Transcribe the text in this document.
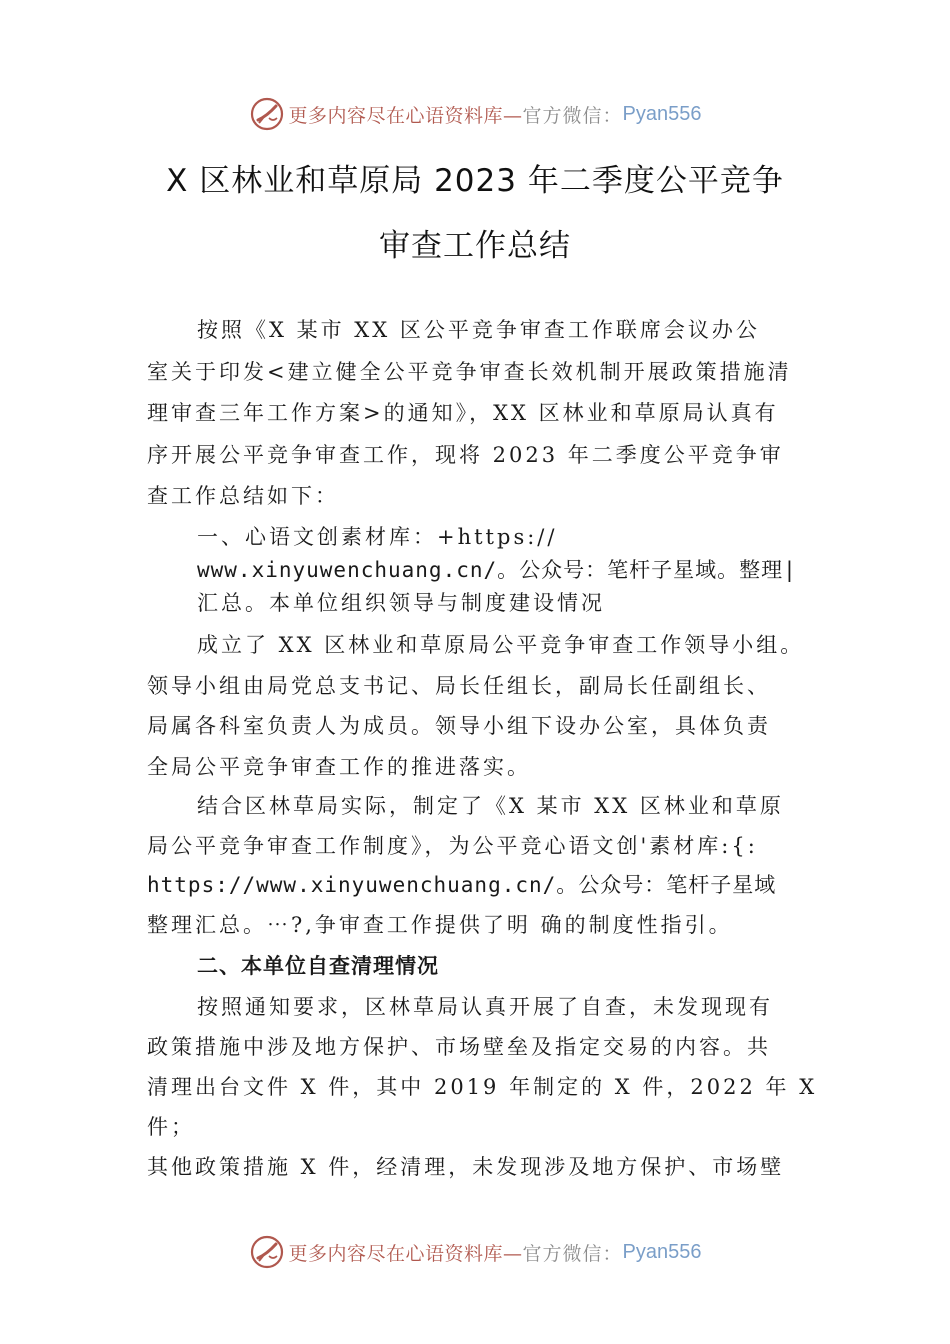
更多内容尽在心语资料库— 官方微信： Pyan556
X 区林业和草原局 2023 年二季度公平竞争
审查工作总结
按照《X 某市 XX 区公平竞争审查工作联席会议办公
室关于印发<建立健全公平竞争审查长效机制开展政策措施清
理审查三年工作方案>的通知》，XX 区林业和草原局认真有
序开展公平竞争审查工作，现将 2023 年二季度公平竞争审
查工作总结如下：
一、心语文创素材库：+https://
www.xinyuwenchuang.cn/。公众号：笔杆子星域。整理|
汇总。本单位组织领导与制度建设情况
成立了 XX 区林业和草原局公平竞争审查工作领导小组。
领导小组由局党总支书记、局长任组长，副局长任副组长、
局属各科室负责人为成员。领导小组下设办公室，具体负责
全局公平竞争审查工作的推进落实。
结合区林草局实际，制定了《X 某市 XX 区林业和草原
局公平竞争审查工作制度》，为公平竞心语文创'素材库:{:
https://www.xinyuwenchuang.cn/。公众号：笔杆子星域
整理汇总。⋯?,争审查工作提供了明 确的制度性指引。
二、本单位自查清理情况
按照通知要求，区林草局认真开展了自查，未发现现有
政策措施中涉及地方保护、市场壁垒及指定交易的内容。共
清理出台文件 X 件，其中 2019 年制定的 X 件，2022 年 X
件；
其他政策措施 X 件，经清理，未发现涉及地方保护、市场壁
更多内容尽在心语资料库— 官方微信： Pyan556
